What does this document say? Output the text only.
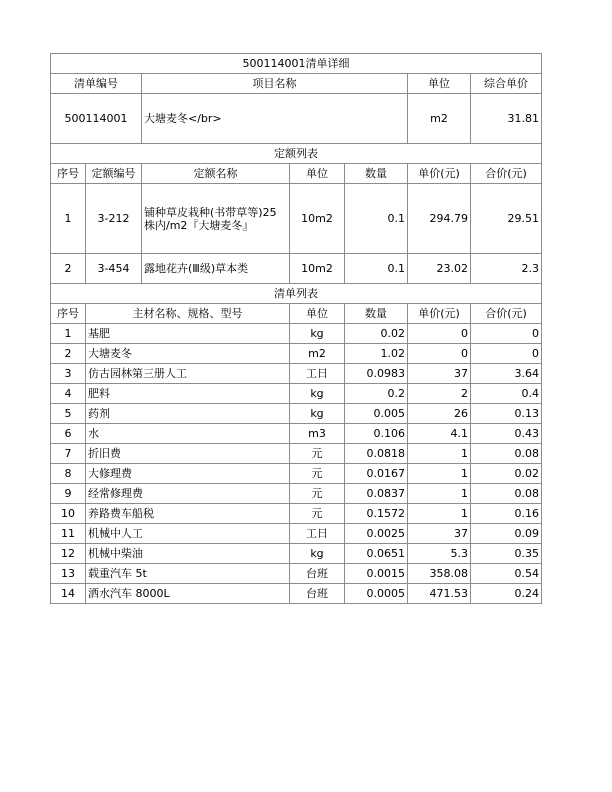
500114001清单详细						
清单编号		项目名称			单位	综合单价
500114001		大塘麦冬</br>			m2	31.81
定额列表						
序号	定额编号	定额名称	单位	数量	单价(元)	合价(元)
1	3-212	铺种草皮栽种(书带草等)25株内/m2『大塘麦冬』	10m2	0.1	294.79	29.51
2	3-454	露地花卉(Ⅲ级)草本类	10m2	0.1	23.02	2.3
清单列表						
序号	主材名称、规格、型号		单位	数量	单价(元)	合价(元)
1	基肥		kg	0.02	0	0
2	大塘麦冬		m2	1.02	0	0
3	仿古园林第三册人工		工日	0.0983	37	3.64
4	肥料		kg	0.2	2	0.4
5	药剂		kg	0.005	26	0.13
6	水		m3	0.106	4.1	0.43
7	折旧费		元	0.0818	1	0.08
8	大修理费		元	0.0167	1	0.02
9	经常修理费		元	0.0837	1	0.08
10	养路费车船税		元	0.1572	1	0.16
11	机械中人工		工日	0.0025	37	0.09
12	机械中柴油		kg	0.0651	5.3	0.35
13	载重汽车 5t		台班	0.0015	358.08	0.54
14	洒水汽车 8000L		台班	0.0005	471.53	0.24
